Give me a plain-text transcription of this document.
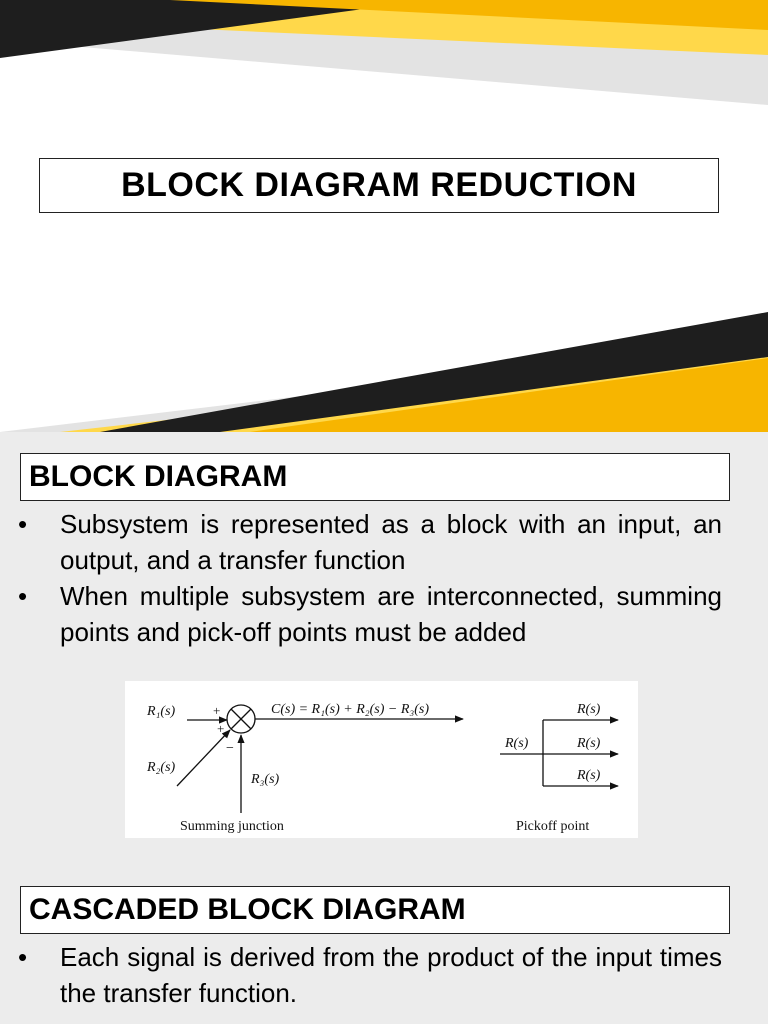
BLOCK DIAGRAM REDUCTION
BLOCK DIAGRAM
• Subsystem is represented as a block with an input, an output, and a transfer function
• When multiple subsystem are interconnected, summing points and pick-off points must be added
R₁(s)	+
+
−
C(s) = R₁(s) + R₂(s) − R₃(s)
R₂(s)
R₃(s)
Summing junction
R(s)
R(s)
R(s)
R(s)
Pickoff point
CASCADED BLOCK DIAGRAM
• Each signal is derived from the product of the input times the transfer function.
